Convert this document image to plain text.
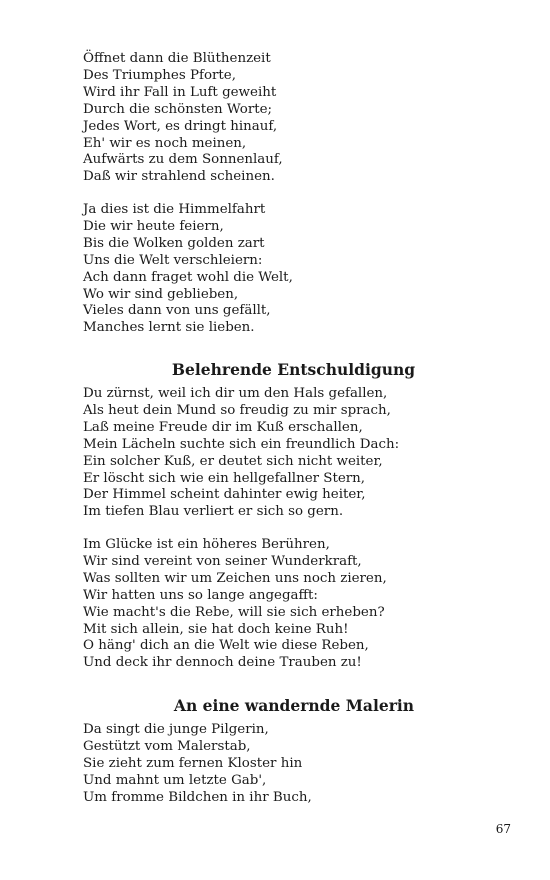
Öffnet dann die Blüthenzeit
Des Triumphes Pforte,
Wird ihr Fall in Luft geweiht
Durch die schönsten Worte;
Jedes Wort, es dringt hinauf,
Eh' wir es noch meinen,
Aufwärts zu dem Sonnenlauf,
Daß wir strahlend scheinen.
Ja dies ist die Himmelfahrt
Die wir heute feiern,
Bis die Wolken golden zart
Uns die Welt verschleiern:
Ach dann fraget wohl die Welt,
Wo wir sind geblieben,
Vieles dann von uns gefällt,
Manches lernt sie lieben.
Belehrende Entschuldigung
Du zürnst, weil ich dir um den Hals gefallen,
Als heut dein Mund so freudig zu mir sprach,
Laß meine Freude dir im Kuß erschallen,
Mein Lächeln suchte sich ein freundlich Dach:
Ein solcher Kuß, er deutet sich nicht weiter,
Er löscht sich wie ein hellgefallner Stern,
Der Himmel scheint dahinter ewig heiter,
Im tiefen Blau verliert er sich so gern.
Im Glücke ist ein höheres Berühren,
Wir sind vereint von seiner Wunderkraft,
Was sollten wir um Zeichen uns noch zieren,
Wir hatten uns so lange angegafft:
Wie macht's die Rebe, will sie sich erheben?
Mit sich allein, sie hat doch keine Ruh!
O häng' dich an die Welt wie diese Reben,
Und deck ihr dennoch deine Trauben zu!
An eine wandernde Malerin
Da singt die junge Pilgerin,
Gestützt vom Malerstab,
Sie zieht zum fernen Kloster hin
Und mahnt um letzte Gab',
Um fromme Bildchen in ihr Buch,
67
